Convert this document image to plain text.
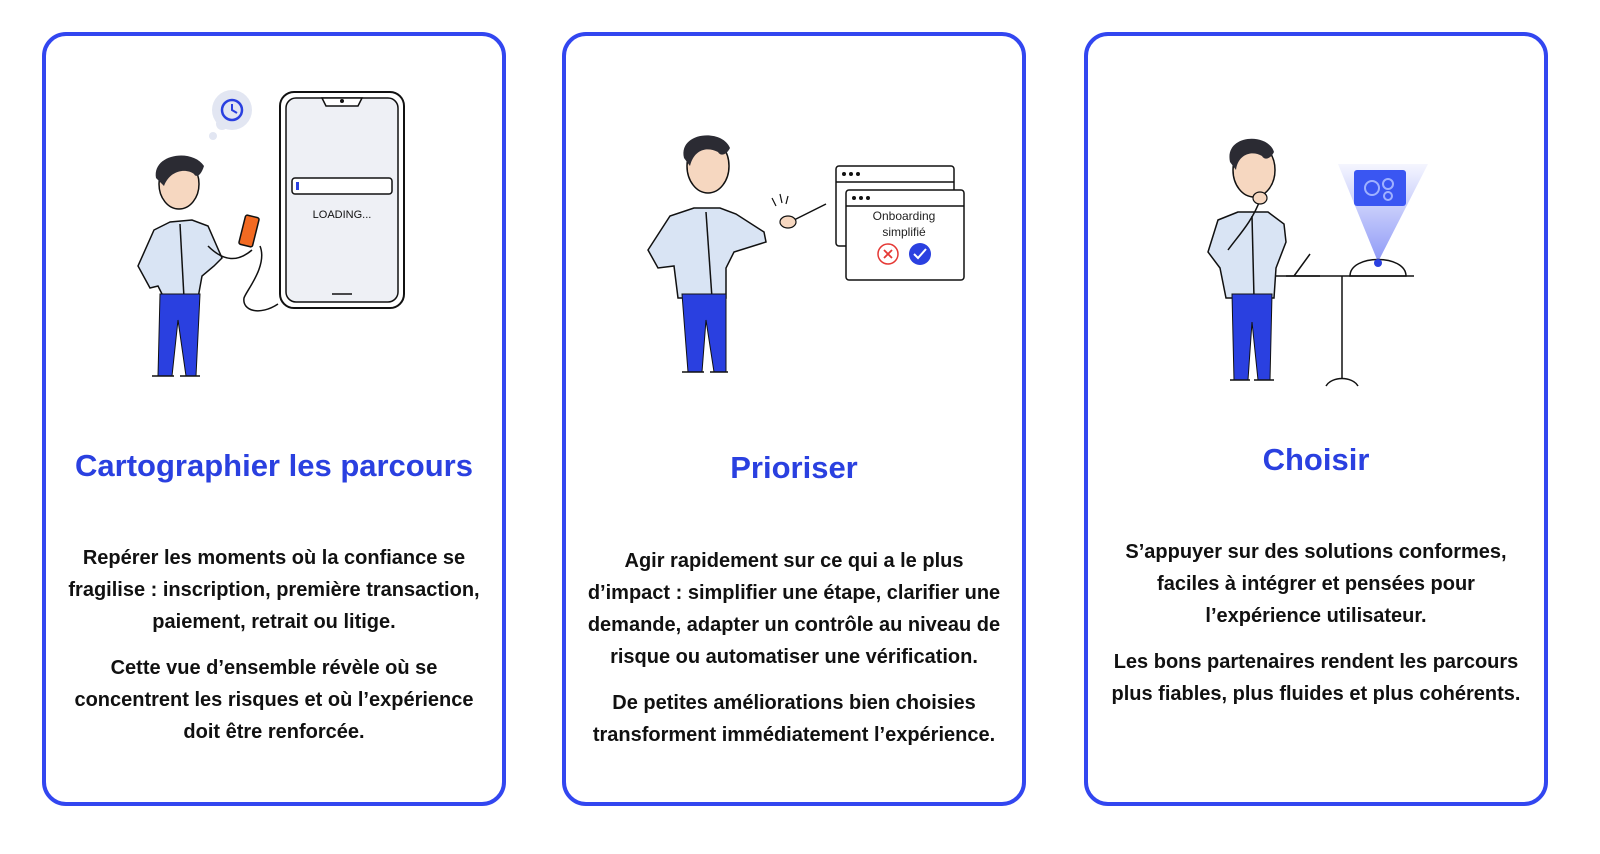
LOADING...
Cartographier les parcours

Repérer les moments où la confiance se fragilise : inscription, première transaction, paiement, retrait ou litige.

Cette vue d’ensemble révèle où se concentrent les risques et où l’expérience doit être renforcée.

Onboarding
simplifié
Prioriser

Agir rapidement sur ce qui a le plus d’impact : simplifier une étape, clarifier une demande, adapter un contrôle au niveau de risque ou automatiser une vérification.

De petites améliorations bien choisies transforment immédiatement l’expérience.

Choisir

S’appuyer sur des solutions conformes, faciles à intégrer et pensées pour l’expérience utilisateur.

Les bons partenaires rendent les parcours plus fiables, plus fluides et plus cohérents.
